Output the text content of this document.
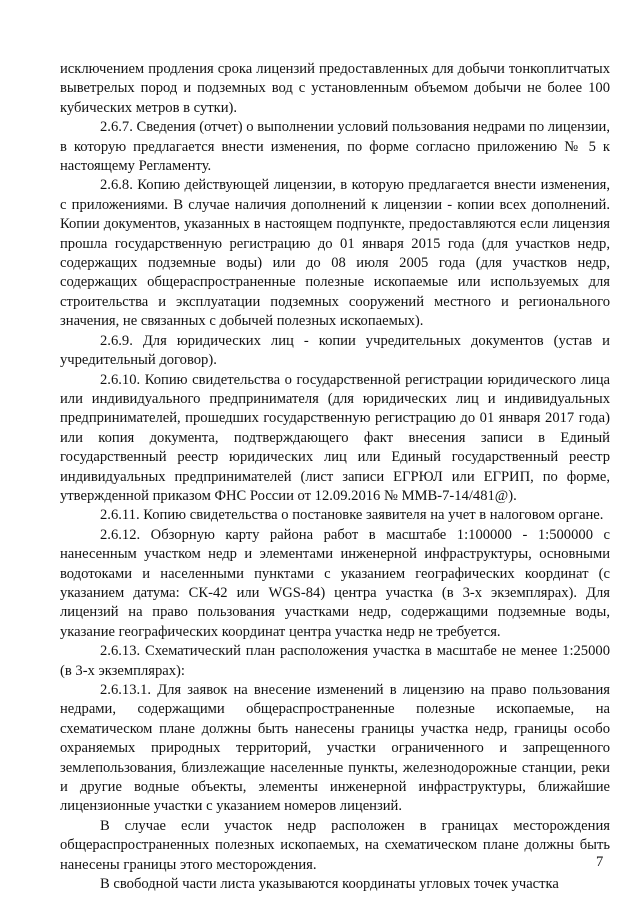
исключением продления срока лицензий предоставленных для добычи тонкоплитчатых выветрелых пород и подземных вод с установленным объемом добычи не более 100 кубических метров в сутки).

2.6.7. Сведения (отчет) о выполнении условий пользования недрами по лицензии, в которую предлагается внести изменения, по форме согласно приложению № 5 к настоящему Регламенту.

2.6.8. Копию действующей лицензии, в которую предлагается внести изменения, с приложениями. В случае наличия дополнений к лицензии - копии всех дополнений. Копии документов, указанных в настоящем подпункте, предоставляются если лицензия прошла государственную регистрацию до 01 января 2015 года (для участков недр, содержащих подземные воды) или до 08 июля 2005 года (для участков недр, содержащих общераспространенные полезные ископаемые или используемых для строительства и эксплуатации подземных сооружений местного и регионального значения, не связанных с добычей полезных ископаемых).

2.6.9. Для юридических лиц - копии учредительных документов (устав и учредительный договор).

2.6.10. Копию свидетельства о государственной регистрации юридического лица или индивидуального предпринимателя (для юридических лиц и индивидуальных предпринимателей, прошедших государственную регистрацию до 01 января 2017 года) или копия документа, подтверждающего факт внесения записи в Единый государственный реестр юридических лиц или Единый государственный реестр индивидуальных предпринимателей (лист записи ЕГРЮЛ или ЕГРИП, по форме, утвержденной приказом ФНС России от 12.09.2016 № ММВ-7-14/481@).

2.6.11. Копию свидетельства о постановке заявителя на учет в налоговом органе.

2.6.12. Обзорную карту района работ в масштабе 1:100000 - 1:500000 с нанесенным участком недр и элементами инженерной инфраструктуры, основными водотоками и населенными пунктами с указанием географических координат (с указанием датума: СК-42 или WGS-84) центра участка (в 3-х экземплярах). Для лицензий на право пользования участками недр, содержащими подземные воды, указание географических координат центра участка недр не требуется.

2.6.13. Схематический план расположения участка в масштабе не менее 1:25000 (в 3-х экземплярах):

2.6.13.1. Для заявок на внесение изменений в лицензию на право пользования недрами, содержащими общераспространенные полезные ископаемые, на схематическом плане должны быть нанесены границы участка недр, границы особо охраняемых природных территорий, участки ограниченного и запрещенного землепользования, близлежащие населенные пункты, железнодорожные станции, реки и другие водные объекты, элементы инженерной инфраструктуры, ближайшие лицензионные участки с указанием номеров лицензий.

В случае если участок недр расположен в границах месторождения общераспространенных полезных ископаемых, на схематическом плане должны быть нанесены границы этого месторождения.

В свободной части листа указываются координаты угловых точек участка

7
